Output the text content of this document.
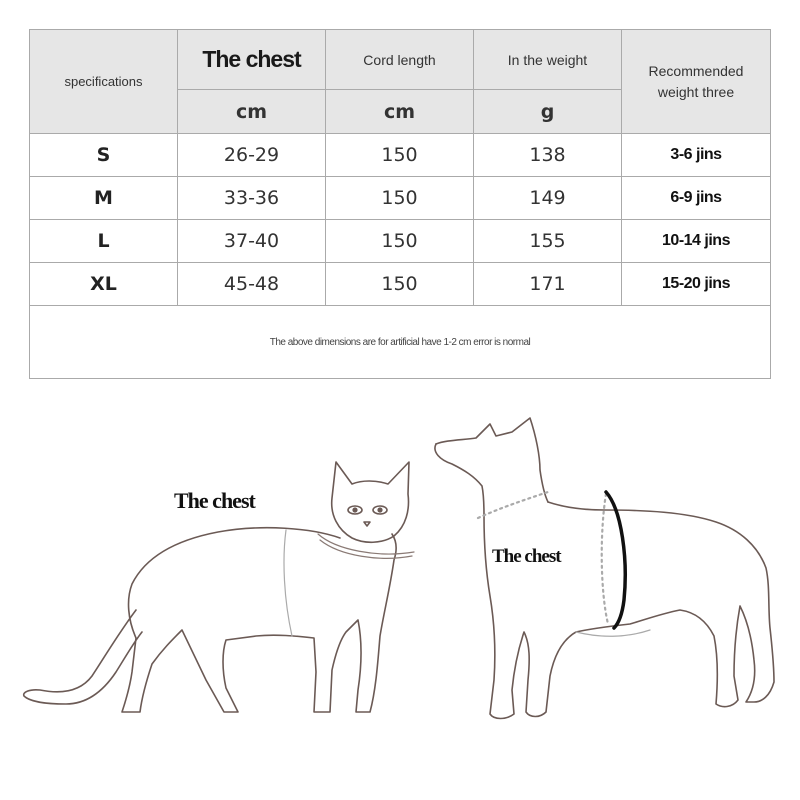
specifications	The chest	Cord length	In the weight	Recommended
weight three

	cm	cm	g	
S	26-29	150	138	3-6 jins
M	33-36	150	149	6-9 jins
L	37-40	150	155	10-14 jins
XL	45-48	150	171	15-20 jins
The above dimensions are for artificial have 1-2 cm error is normal				
The chest
The chest
